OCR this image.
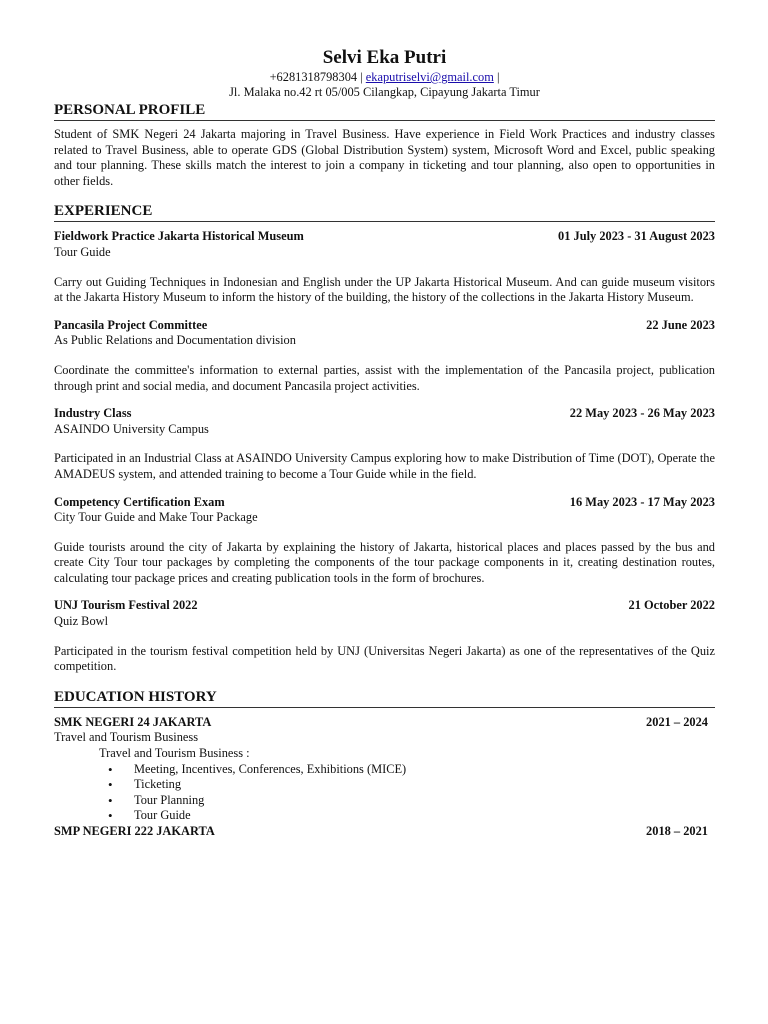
Selvi Eka Putri
+6281318798304 | ekaputriselvi@gmail.com |
Jl. Malaka no.42 rt 05/005 Cilangkap, Cipayung Jakarta Timur
PERSONAL PROFILE
Student of SMK Negeri 24 Jakarta majoring in Travel Business. Have experience in Field Work Practices and industry classes related to Travel Business, able to operate GDS (Global Distribution System) system, Microsoft Word and Excel, public speaking and tour planning. These skills match the interest to join a company in ticketing and tour planning, also open to opportunities in other fields.
EXPERIENCE
Fieldwork Practice Jakarta Historical Museum	01 July 2023 - 31 August 2023
Tour Guide
Carry out Guiding Techniques in Indonesian and English under the UP Jakarta Historical Museum. And can guide museum visitors at the Jakarta History Museum to inform the history of the building, the history of the collections in the Jakarta History Museum.
Pancasila Project Committee	22 June 2023
As Public Relations and Documentation division
Coordinate the committee's information to external parties, assist with the implementation of the Pancasila project, publication through print and social media, and document Pancasila project activities.
Industry Class	22 May 2023 - 26 May 2023
ASAINDO University Campus
Participated in an Industrial Class at ASAINDO University Campus exploring how to make Distribution of Time (DOT), Operate the AMADEUS system, and attended training to become a Tour Guide while in the field.
Competency Certification Exam	16 May 2023 - 17 May 2023
City Tour Guide and Make Tour Package
Guide tourists around the city of Jakarta by explaining the history of Jakarta, historical places and places passed by the bus and create City Tour tour packages by completing the components of the tour package components in it, creating destination routes, calculating tour package prices and creating publication tools in the form of brochures.
UNJ Tourism Festival 2022	21 October 2022
Quiz Bowl
Participated in the tourism festival competition held by UNJ (Universitas Negeri Jakarta) as one of the representatives of the Quiz competition.
EDUCATION HISTORY
SMK NEGERI 24 JAKARTA	2021 – 2024
Travel and Tourism Business
Travel and Tourism Business :
• Meeting, Incentives, Conferences, Exhibitions (MICE)
• Ticketing
• Tour Planning
• Tour Guide
SMP NEGERI 222 JAKARTA	2018 – 2021
